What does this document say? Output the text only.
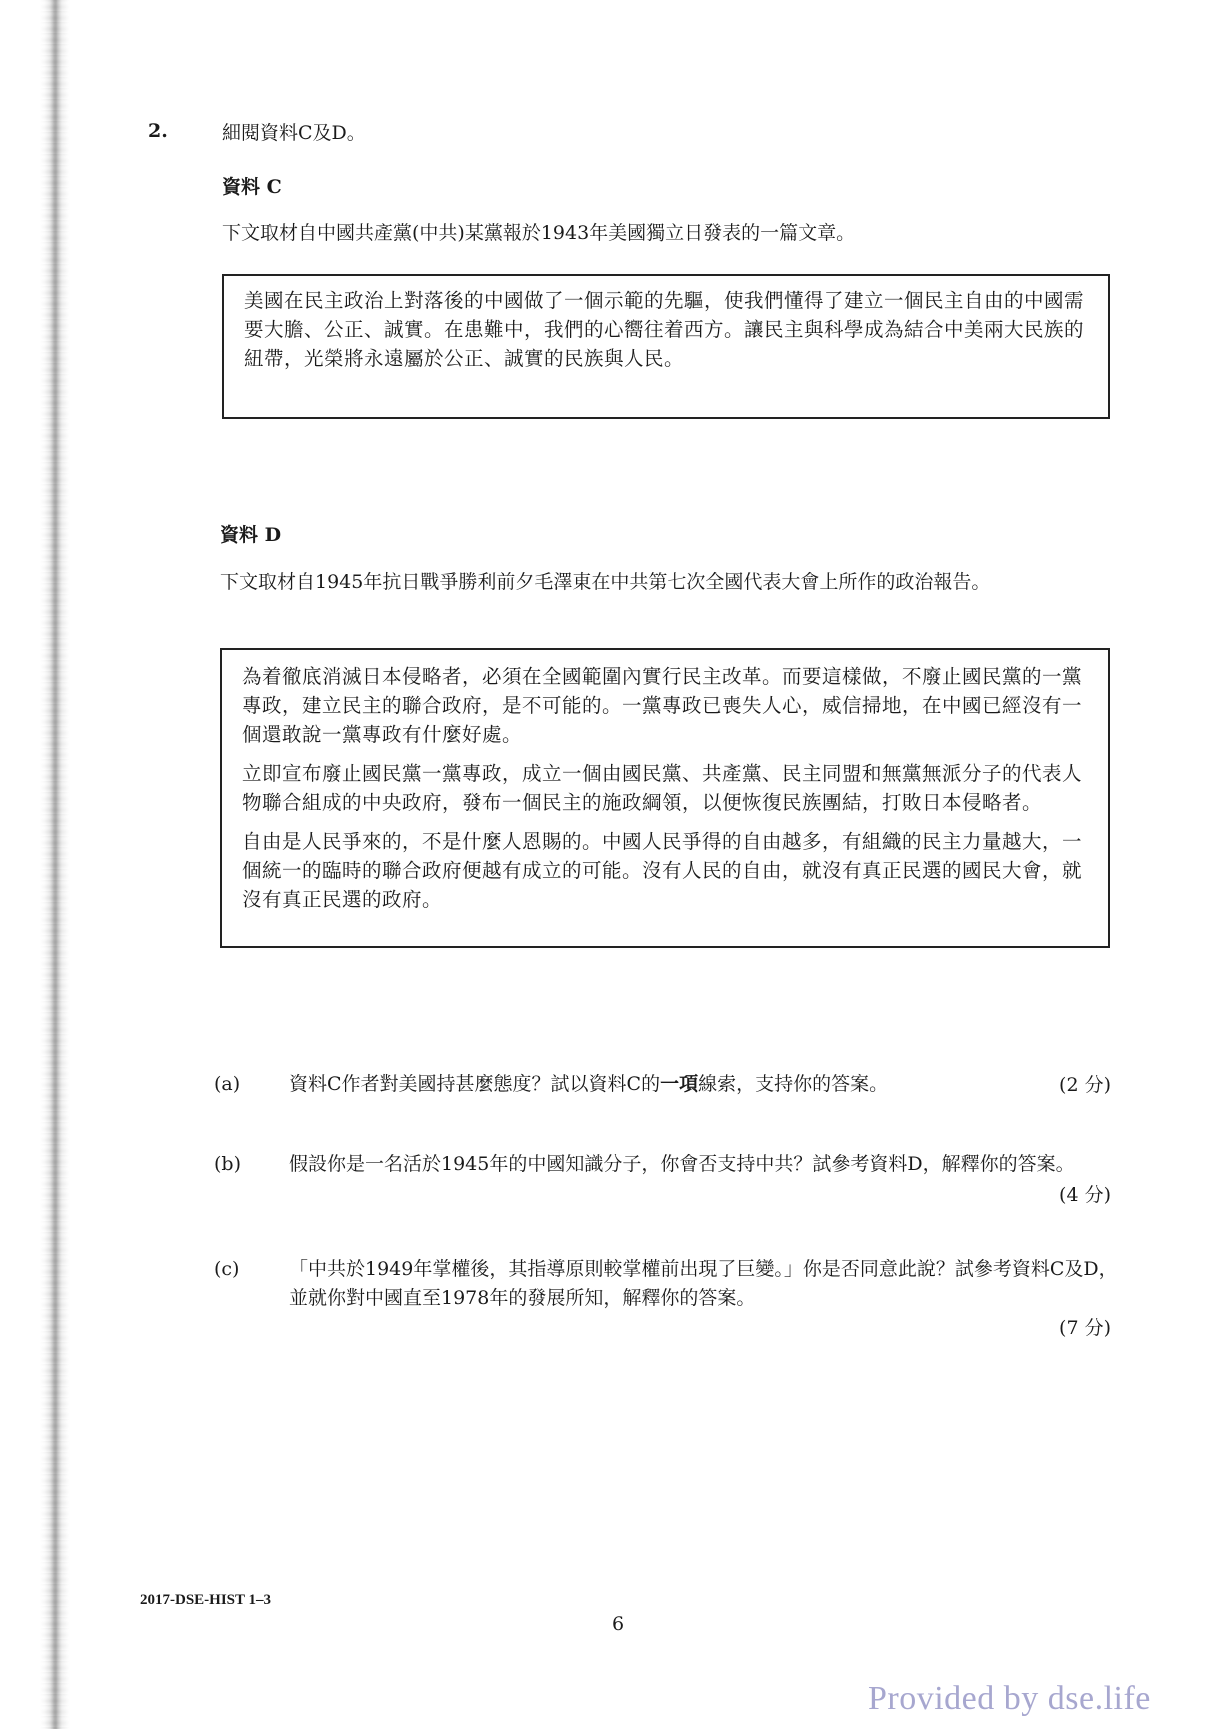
2.	細閱資料C及D。
資料 C
下文取材自中國共產黨(中共)某黨報於1943年美國獨立日發表的一篇文章。

美國在民主政治上對落後的中國做了一個示範的先驅，使我們懂得了建立一個民主自由的中國需要大膽、公正、誠實。在患難中，我們的心嚮往着西方。讓民主與科學成為結合中美兩大民族的紐帶，光榮將永遠屬於公正、誠實的民族與人民。

資料 D
下文取材自1945年抗日戰爭勝利前夕毛澤東在中共第七次全國代表大會上所作的政治報告。

為着徹底消滅日本侵略者，必須在全國範圍內實行民主改革。而要這樣做，不廢止國民黨的一黨專政，建立民主的聯合政府，是不可能的。一黨專政已喪失人心，威信掃地，在中國已經沒有一個還敢說一黨專政有什麼好處。

立即宣布廢止國民黨一黨專政，成立一個由國民黨、共產黨、民主同盟和無黨無派分子的代表人物聯合組成的中央政府，發布一個民主的施政綱領，以便恢復民族團結，打敗日本侵略者。

自由是人民爭來的，不是什麼人恩賜的。中國人民爭得的自由越多，有組織的民主力量越大，一個統一的臨時的聯合政府便越有成立的可能。沒有人民的自由，就沒有真正民選的國民大會，就沒有真正民選的政府。

(a)	資料C作者對美國持甚麼態度？試以資料C的一項線索，支持你的答案。	(2 分)
(b)	假設你是一名活於1945年的中國知識分子，你會否支持中共？試參考資料D，解釋你的答案。
(4 分)
(c)	「中共於1949年掌權後，其指導原則較掌權前出現了巨變。」你是否同意此說？試參考資料C及D，並就你對中國直至1978年的發展所知，解釋你的答案。
(7 分)
2017-DSE-HIST 1–3
6
Provided by dse.life
